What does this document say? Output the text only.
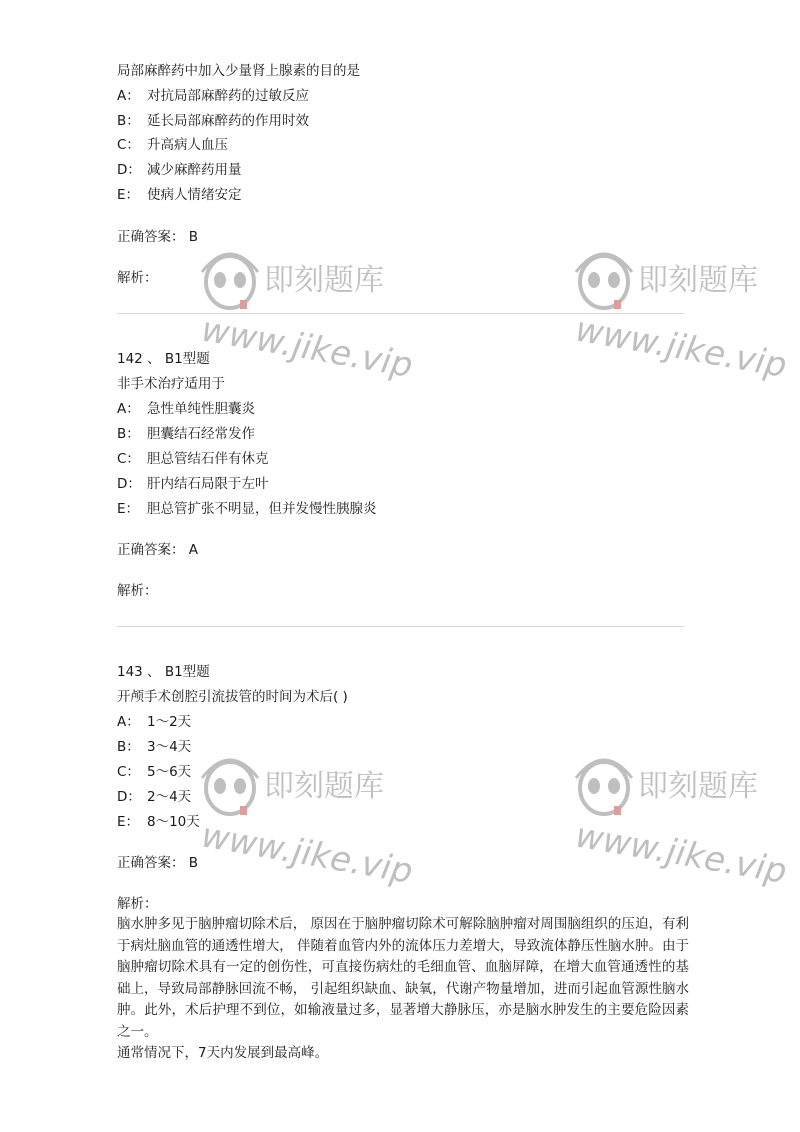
即刻题库
www.jike.vip
即刻题库
www.jike.vip
即刻题库
www.jike.vip
即刻题库
www.jike.vip
局部麻醉药中加入少量肾上腺素的目的是
A： 对抗局部麻醉药的过敏反应
B： 延长局部麻醉药的作用时效
C： 升高病人血压
D： 减少麻醉药用量
E： 使病人情绪安定
正确答案： B
解析：
142 、 B1型题
非手术治疗适用于
A： 急性单纯性胆囊炎
B： 胆囊结石经常发作
C： 胆总管结石伴有休克
D： 肝内结石局限于左叶
E： 胆总管扩张不明显，但并发慢性胰腺炎
正确答案： A
解析：
143 、 B1型题
开颅手术创腔引流拔管的时间为术后( )
A： 1～2天
B： 3～4天
C： 5～6天
D： 2～4天
E： 8～10天
正确答案： B
解析：

脑水肿多见于脑肿瘤切除术后， 原因在于脑肿瘤切除术可解除脑肿瘤对周围脑组织的压迫，有利于病灶脑血管的通透性增大， 伴随着血管内外的流体压力差增大，导致流体静压性脑水肿。由于脑肿瘤切除术具有一定的创伤性，可直接伤病灶的毛细血管、血脑屏障，在增大血管通透性的基础上，导致局部静脉回流不畅， 引起组织缺血、缺氧，代谢产物量增加，进而引起血管源性脑水肿。此外，术后护理不到位，如输液量过多，显著增大静脉压，亦是脑水肿发生的主要危险因素之一。

通常情况下，7天内发展到最高峰。
